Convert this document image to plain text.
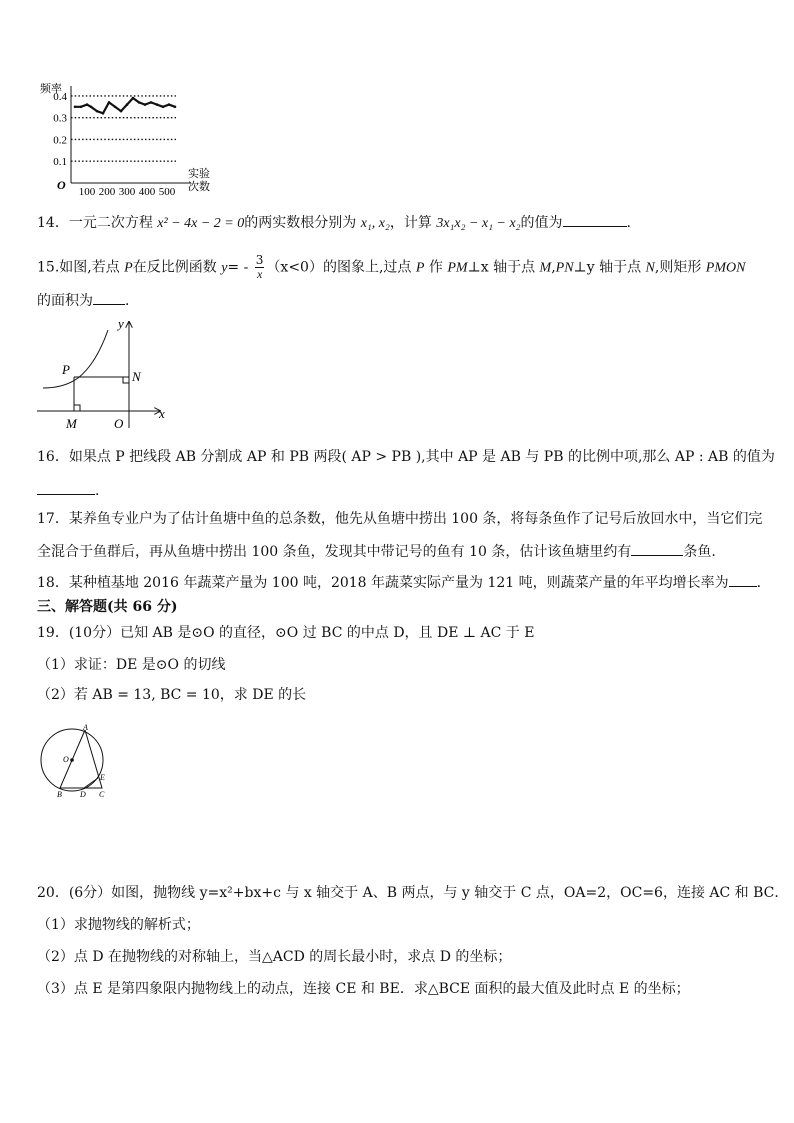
频率
0.4
0.3
0.2
0.1
100 200 300 400 500
O
实验
次数
14．一元二次方程 x² − 4x − 2 = 0的两实数根分别为 x₁, x₂，计算 3x₁x₂ − x₁ − x₂的值为	.
15.如图,若点 P在反比例函数 $y= - \frac{3}{x} (x<0)$的图象上,过点 P 作 PM⊥x 轴于点 M,PN⊥y 轴于点 N,则矩形 PMON
的面积为 ．
y
x
P	N
M	O
16．如果点 P 把线段 AB 分割成 AP 和 PB 两段( AP > PB ),其中 AP 是 AB 与 PB 的比例中项,那么 AP : AB 的值为
.
17．某养鱼专业户为了估计鱼塘中鱼的总条数，他先从鱼塘中捞出 100 条，将每条鱼作了记号后放回水中，当它们完
全混合于鱼群后，再从鱼塘中捞出 100 条鱼，发现其中带记号的鱼有 10 条，估计该鱼塘里约有	条鱼.
18．某种植基地 2016 年蔬菜产量为 100 吨，2018 年蔬菜实际产量为 121 吨，则蔬菜产量的年平均增长率为 .
三、解答题(共 66 分)
19．(10分）已知 AB 是⊙O 的直径，⊙O 过 BC 的中点 D，且 DE ⊥ AC 于 E
（1）求证：DE 是⊙O 的切线
（2）若 AB = 13, BC = 10，求 DE 的长
A
O
E
B D C
20．(6分）如图，抛物线 y=x²+bx+c 与 x 轴交于 A、B 两点，与 y 轴交于 C 点，OA=2，OC=6，连接 AC 和 BC．
（1）求抛物线的解析式；
（2）点 D 在抛物线的对称轴上，当△ACD 的周长最小时，求点 D 的坐标；
（3）点 E 是第四象限内抛物线上的动点，连接 CE 和 BE．求△BCE 面积的最大值及此时点 E 的坐标；
